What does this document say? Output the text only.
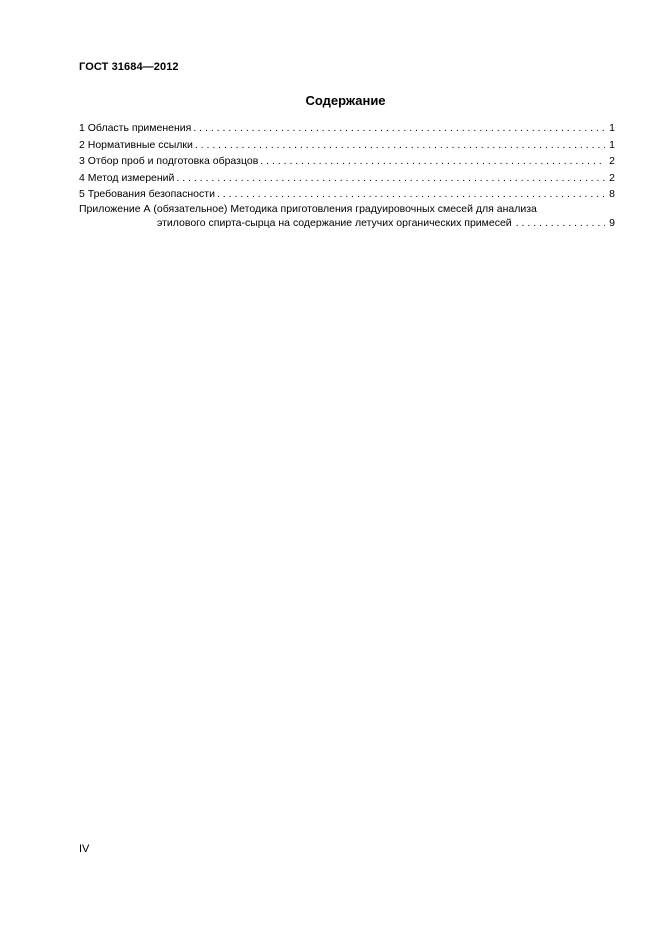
ГОСТ 31684—2012
Содержание
1 Область применения . . .	1
2 Нормативные ссылки . . .	1
3 Отбор проб и подготовка образцов . . .	2
4 Метод измерений . . .	2
5 Требования безопасности . . .	8
Приложение А (обязательное) Методика приготовления градуировочных смесей для анализа
этилового спирта-сырца на содержание летучих органических примесей . . .	9
IV
